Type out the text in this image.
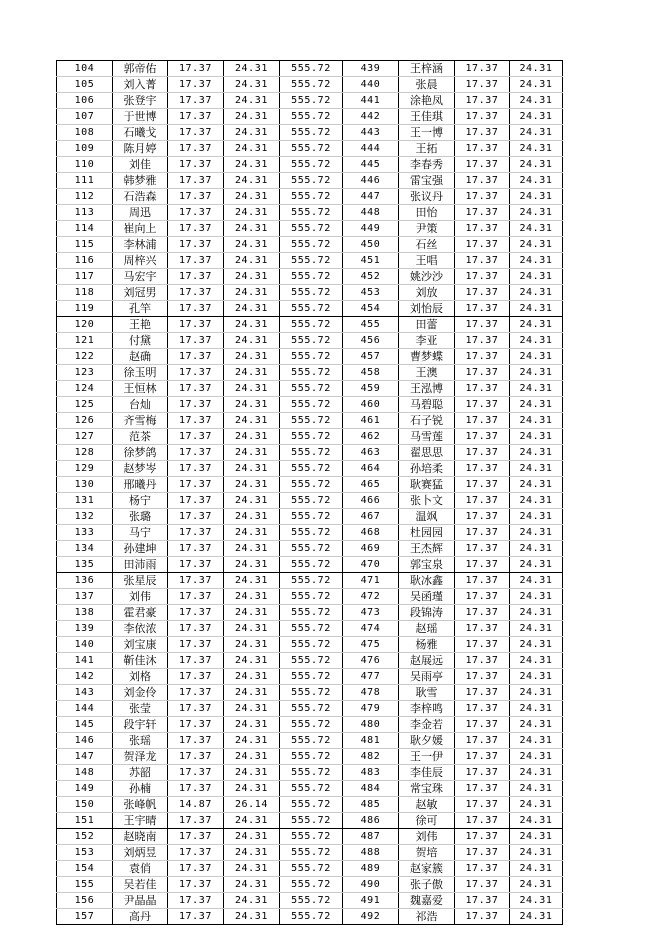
104	郭帝佑	17.37	24.31	555.72	439	王梓涵	17.37	24.31
105	刘入菁	17.37	24.31	555.72	440	张晨	17.37	24.31
106	张登宇	17.37	24.31	555.72	441	涂艳凤	17.37	24.31
107	于世博	17.37	24.31	555.72	442	王佳琪	17.37	24.31
108	石曦戈	17.37	24.31	555.72	443	王一博	17.37	24.31
109	陈月婷	17.37	24.31	555.72	444	王拓	17.37	24.31
110	刘佳	17.37	24.31	555.72	445	李春秀	17.37	24.31
111	韩梦雅	17.37	24.31	555.72	446	雷宝强	17.37	24.31
112	石浩森	17.37	24.31	555.72	447	张议丹	17.37	24.31
113	周迅	17.37	24.31	555.72	448	田怡	17.37	24.31
114	崔向上	17.37	24.31	555.72	449	尹策	17.37	24.31
115	李林浦	17.37	24.31	555.72	450	石丝	17.37	24.31
116	周梓兴	17.37	24.31	555.72	451	王唱	17.37	24.31
117	马宏宇	17.37	24.31	555.72	452	姚沙沙	17.37	24.31
118	刘冠男	17.37	24.31	555.72	453	刘放	17.37	24.31
119	孔竿	17.37	24.31	555.72	454	刘怡辰	17.37	24.31
120	王艳	17.37	24.31	555.72	455	田蕾	17.37	24.31
121	付黛	17.37	24.31	555.72	456	李亚	17.37	24.31
122	赵确	17.37	24.31	555.72	457	曹梦蝶	17.37	24.31
123	徐玉明	17.37	24.31	555.72	458	王澳	17.37	24.31
124	王恒林	17.37	24.31	555.72	459	王泓博	17.37	24.31
125	台灿	17.37	24.31	555.72	460	马碧聪	17.37	24.31
126	齐雪梅	17.37	24.31	555.72	461	石子锐	17.37	24.31
127	范茶	17.37	24.31	555.72	462	马雪莲	17.37	24.31
128	徐梦鸽	17.37	24.31	555.72	463	翟思思	17.37	24.31
129	赵梦岑	17.37	24.31	555.72	464	孙培柔	17.37	24.31
130	邢曦丹	17.37	24.31	555.72	465	耿赛猛	17.37	24.31
131	杨宁	17.37	24.31	555.72	466	张卜文	17.37	24.31
132	张璐	17.37	24.31	555.72	467	温飒	17.37	24.31
133	马宁	17.37	24.31	555.72	468	杜园园	17.37	24.31
134	孙建坤	17.37	24.31	555.72	469	王杰辉	17.37	24.31
135	田沛雨	17.37	24.31	555.72	470	郭宝泉	17.37	24.31
136	张星辰	17.37	24.31	555.72	471	耿冰鑫	17.37	24.31
137	刘伟	17.37	24.31	555.72	472	吴函瑾	17.37	24.31
138	霍君豪	17.37	24.31	555.72	473	段锦涛	17.37	24.31
139	李依浓	17.37	24.31	555.72	474	赵瑶	17.37	24.31
140	刘宝康	17.37	24.31	555.72	475	杨雅	17.37	24.31
141	靳佳沐	17.37	24.31	555.72	476	赵展远	17.37	24.31
142	刘格	17.37	24.31	555.72	477	吴雨亭	17.37	24.31
143	刘金伶	17.37	24.31	555.72	478	耿雪	17.37	24.31
144	张莹	17.37	24.31	555.72	479	李梓鸣	17.37	24.31
145	段宇轩	17.37	24.31	555.72	480	李金若	17.37	24.31
146	张瑶	17.37	24.31	555.72	481	耿夕媛	17.37	24.31
147	贺泽龙	17.37	24.31	555.72	482	王一伊	17.37	24.31
148	苏韶	17.37	24.31	555.72	483	李佳辰	17.37	24.31
149	孙楠	17.37	24.31	555.72	484	常宝珠	17.37	24.31
150	张峰帆	14.87	26.14	555.72	485	赵敏	17.37	24.31
151	王宇晴	17.37	24.31	555.72	486	徐可	17.37	24.31
152	赵晓南	17.37	24.31	555.72	487	刘伟	17.37	24.31
153	刘炳昱	17.37	24.31	555.72	488	贺培	17.37	24.31
154	袁俏	17.37	24.31	555.72	489	赵家簇	17.37	24.31
155	吴若佳	17.37	24.31	555.72	490	张子傲	17.37	24.31
156	尹晶晶	17.37	24.31	555.72	491	魏嘉爱	17.37	24.31
157	高丹	17.37	24.31	555.72	492	祁浩	17.37	24.31
